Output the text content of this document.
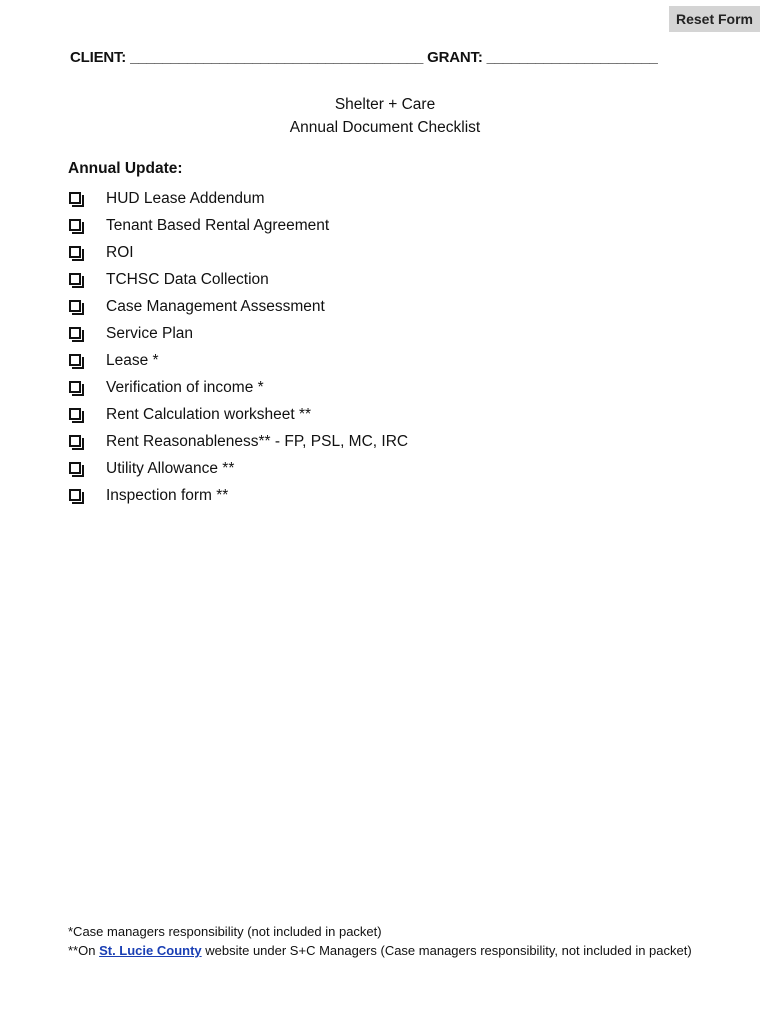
Reset Form
CLIENT: ____________________________________ GRANT: _____________________
Shelter + Care
Annual Document Checklist
Annual Update:
HUD Lease Addendum
Tenant Based Rental Agreement
ROI
TCHSC Data Collection
Case Management Assessment
Service Plan
Lease *
Verification of income *
Rent Calculation worksheet **
Rent Reasonableness** - FP, PSL, MC, IRC
Utility Allowance **
Inspection form **
*Case managers responsibility (not included in packet)
**On St. Lucie County website under S+C Managers (Case managers responsibility, not included in packet)
